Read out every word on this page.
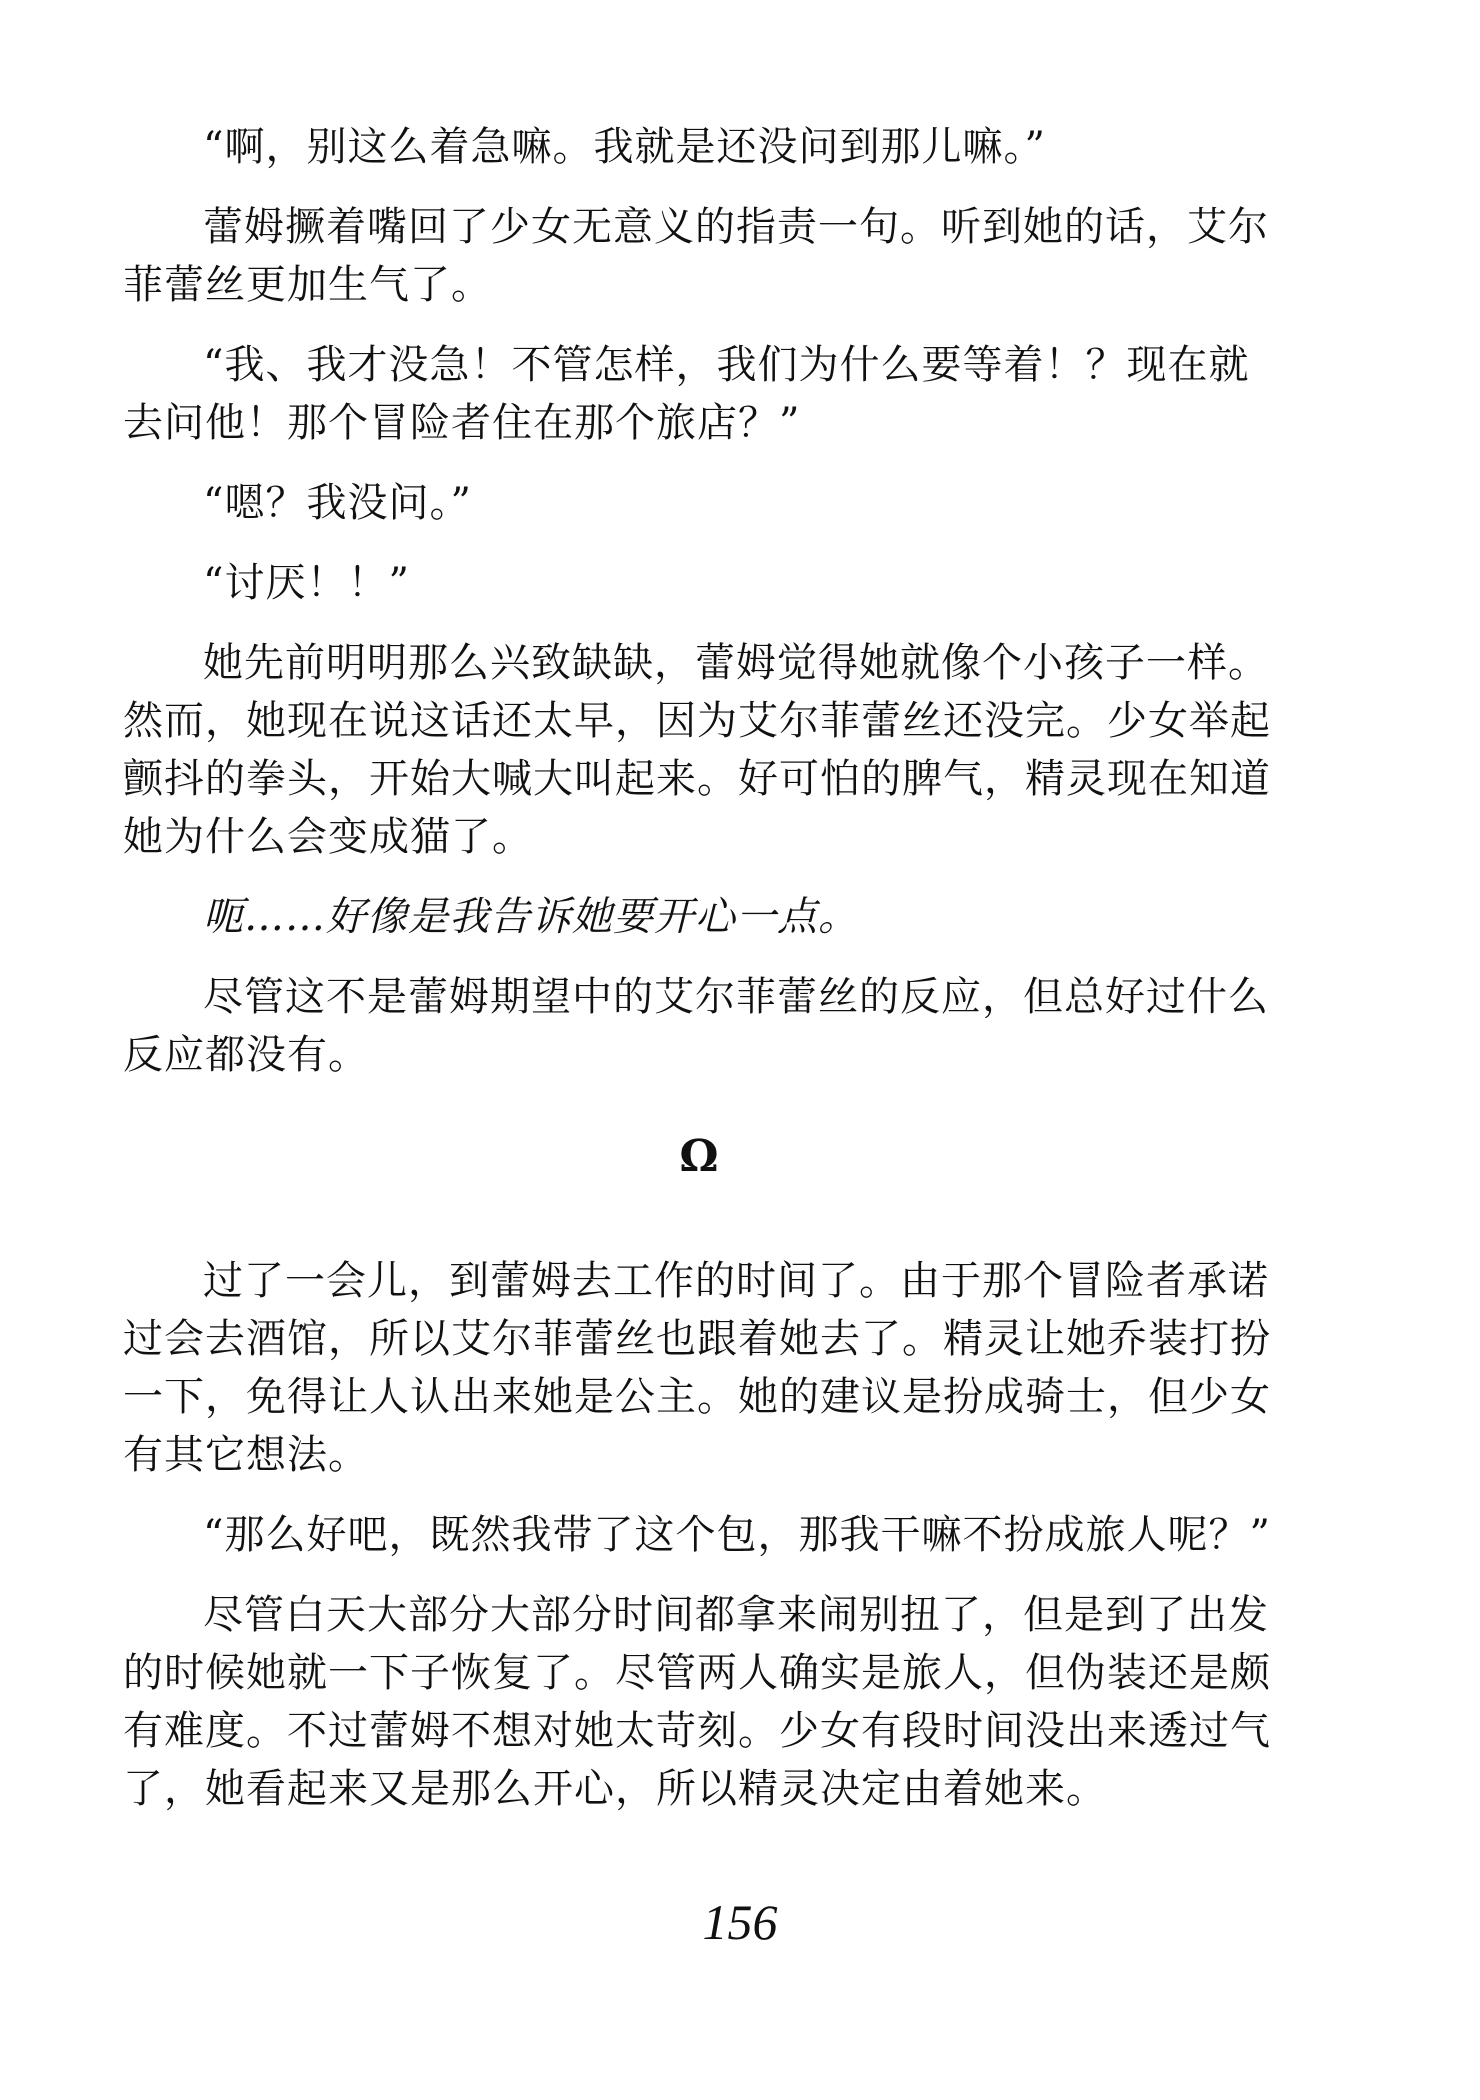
“啊，别这么着急嘛。我就是还没问到那儿嘛。”

蕾姆撅着嘴回了少女无意义的指责一句。听到她的话，艾尔菲蕾丝更加生气了。

“我、我才没急！不管怎样，我们为什么要等着！？现在就去问他！那个冒险者住在那个旅店？”

“嗯？我没问。”

“讨厌！！”

她先前明明那么兴致缺缺，蕾姆觉得她就像个小孩子一样。然而，她现在说这话还太早，因为艾尔菲蕾丝还没完。少女举起颤抖的拳头，开始大喊大叫起来。好可怕的脾气，精灵现在知道她为什么会变成猫了。

呃……好像是我告诉她要开心一点。

尽管这不是蕾姆期望中的艾尔菲蕾丝的反应，但总好过什么反应都没有。

Ω

过了一会儿，到蕾姆去工作的时间了。由于那个冒险者承诺过会去酒馆，所以艾尔菲蕾丝也跟着她去了。精灵让她乔装打扮一下，免得让人认出来她是公主。她的建议是扮成骑士，但少女有其它想法。

“那么好吧，既然我带了这个包，那我干嘛不扮成旅人呢？”

尽管白天大部分大部分时间都拿来闹别扭了，但是到了出发的时候她就一下子恢复了。尽管两人确实是旅人，但伪装还是颇有难度。不过蕾姆不想对她太苛刻。少女有段时间没出来透过气了，她看起来又是那么开心，所以精灵决定由着她来。

156
